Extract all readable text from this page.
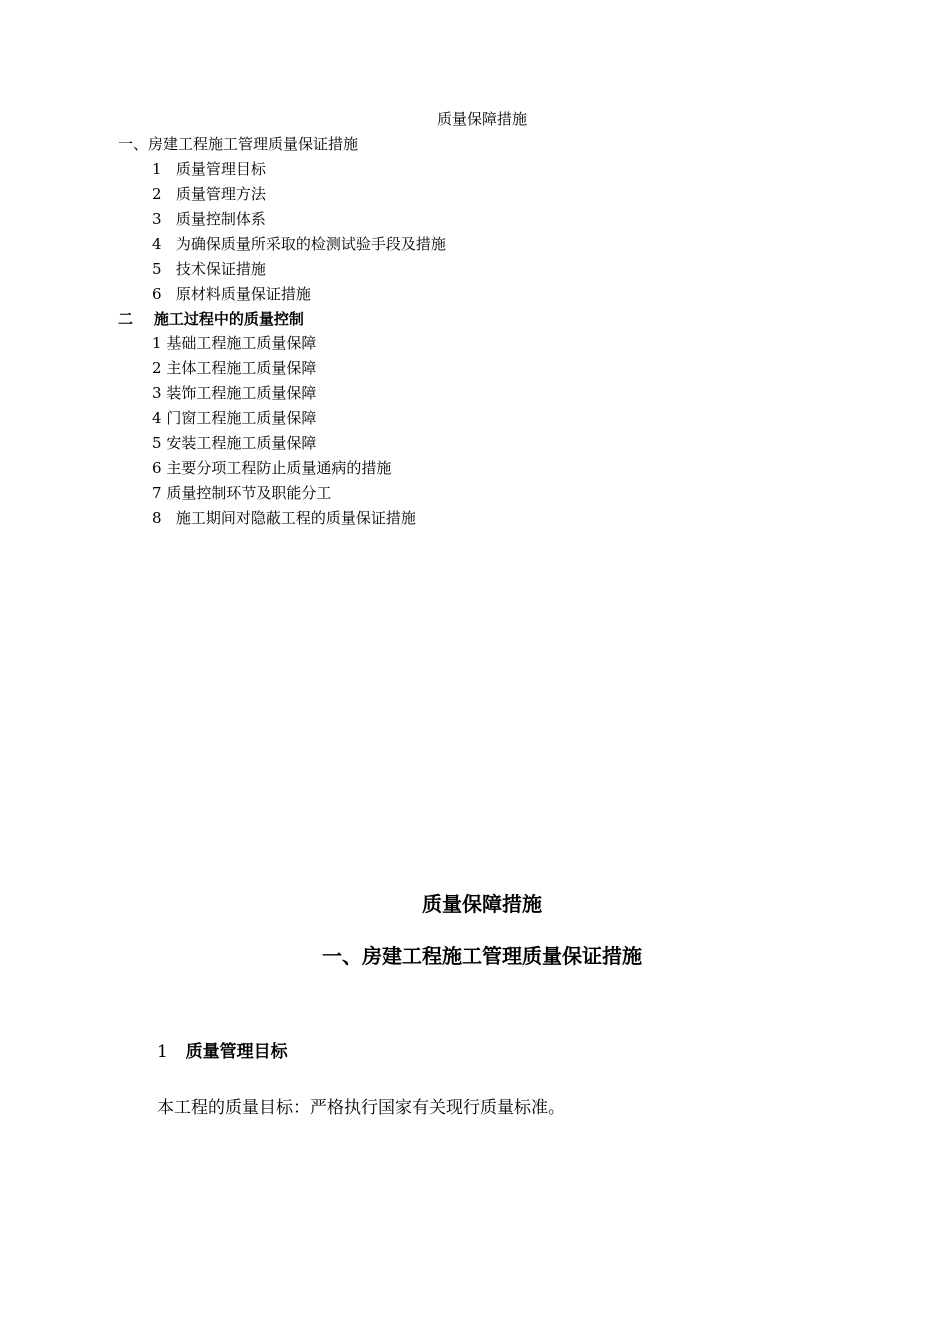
质量保障措施
一、房建工程施工管理质量保证措施
1 质量管理目标
2 质量管理方法
3 质量控制体系
4 为确保质量所采取的检测试验手段及措施
5 技术保证措施
6 原材料质量保证措施
二 施工过程中的质量控制
1 基础工程施工质量保障
2 主体工程施工质量保障
3 装饰工程施工质量保障
4 门窗工程施工质量保障
5 安装工程施工质量保障
6 主要分项工程防止质量通病的措施
7 质量控制环节及职能分工
8 施工期间对隐蔽工程的质量保证措施
质量保障措施
一、房建工程施工管理质量保证措施
1 质量管理目标
本工程的质量目标：严格执行国家有关现行质量标准。
